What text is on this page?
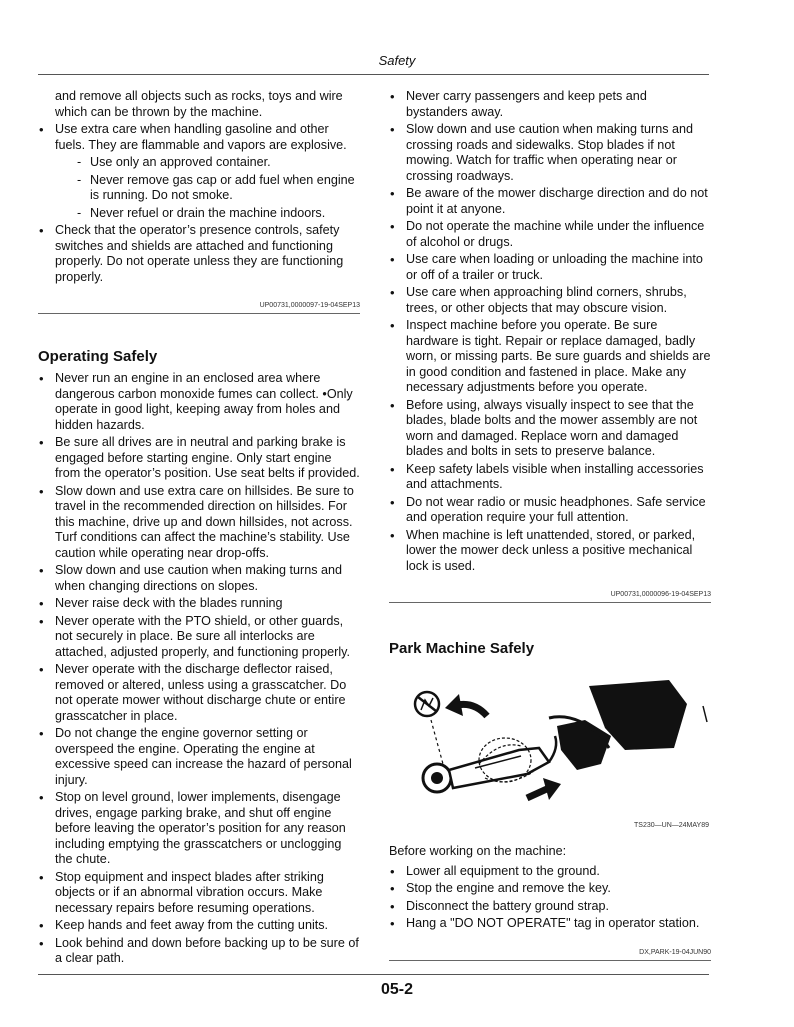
Safety
and remove all objects such as rocks, toys and wire which can be thrown by the machine.
• Use extra care when handling gasoline and other fuels. They are flammable and vapors are explosive.
- Use only an approved container.
- Never remove gas cap or add fuel when engine is running. Do not smoke.
- Never refuel or drain the machine indoors.
• Check that the operator’s presence controls, safety switches and shields are attached and functioning properly. Do not operate unless they are functioning properly.
UP00731,0000097-19-04SEP13
Operating Safely
• Never run an engine in an enclosed area where dangerous carbon monoxide fumes can collect. •Only operate in good light, keeping away from holes and hidden hazards.
• Be sure all drives are in neutral and parking brake is engaged before starting engine. Only start engine from the operator’s position. Use seat belts if provided.
• Slow down and use extra care on hillsides. Be sure to travel in the recommended direction on hillsides. For this machine, drive up and down hillsides, not across. Turf conditions can affect the machine’s stability. Use caution while operating near drop-offs.
• Slow down and use caution when making turns and when changing directions on slopes.
• Never raise deck with the blades running
• Never operate with the PTO shield, or other guards, not securely in place. Be sure all interlocks are attached, adjusted properly, and functioning properly.
• Never operate with the discharge deflector raised, removed or altered, unless using a grasscatcher. Do not operate mower without discharge chute or entire grasscatcher in place.
• Do not change the engine governor setting or overspeed the engine. Operating the engine at excessive speed can increase the hazard of personal injury.
• Stop on level ground, lower implements, disengage drives, engage parking brake, and shut off engine before leaving the operator’s position for any reason including emptying the grasscatchers or unclogging the chute.
• Stop equipment and inspect blades after striking objects or if an abnormal vibration occurs. Make necessary repairs before resuming operations.
• Keep hands and feet away from the cutting units.
• Look behind and down before backing up to be sure of a clear path.
• Never carry passengers and keep pets and bystanders away.
• Slow down and use caution when making turns and crossing roads and sidewalks. Stop blades if not mowing. Watch for traffic when operating near or crossing roadways.
• Be aware of the mower discharge direction and do not point it at anyone.
• Do not operate the machine while under the influence of alcohol or drugs.
• Use care when loading or unloading the machine into or off of a trailer or truck.
• Use care when approaching blind corners, shrubs, trees, or other objects that may obscure vision.
• Inspect machine before you operate. Be sure hardware is tight. Repair or replace damaged, badly worn, or missing parts. Be sure guards and shields are in good condition and fastened in place. Make any necessary adjustments before you operate.
• Before using, always visually inspect to see that the blades, blade bolts and the mower assembly are not worn and damaged. Replace worn and damaged blades and bolts in sets to preserve balance.
• Keep safety labels visible when installing accessories and attachments.
• Do not wear radio or music headphones. Safe service and operation require your full attention.
• When machine is left unattended, stored, or parked, lower the mower deck unless a positive mechanical lock is used.
UP00731,0000096-19-04SEP13
Park Machine Safely
TS230—UN—24MAY89
Before working on the machine:
• Lower all equipment to the ground.
• Stop the engine and remove the key.
• Disconnect the battery ground strap.
• Hang a "DO NOT OPERATE" tag in operator station.
DX,PARK-19-04JUN90
05-2
